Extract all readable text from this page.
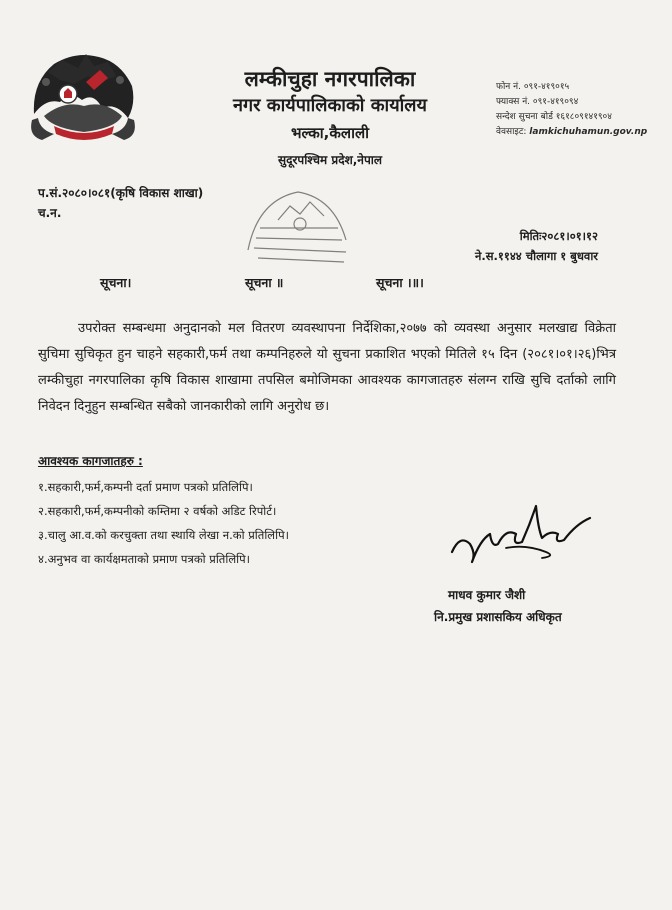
लम्कीचुहा नगरपालिका
नगर कार्यपालिकाको कार्यालय
भल्का,कैलाली
सुदूरपश्चिम प्रदेश,नेपाल
फोन नं. ०९१-४१९०१५
फ्याक्स नं. ०९१-४१९०९४
सन्देश सुचना बोर्ड १६१८०९१४१९०४
वेवसाइट: lamkichuhamun.gov.np
प.सं.२०८०।०८१(कृषि विकास शाखा)
च.न.
मितिः२०८१।०१।१२
ने.स.११४४ चौलागा १ बुधवार
सूचना।	सूचना ॥	सूचना ।॥।

उपरोक्त सम्बन्धमा अनुदानको मल वितरण व्यवस्थापना निर्देशिका,२०७७ को व्यवस्था अनुसार मलखाद्य विक्रेता सुचिमा सुचिकृत हुन चाहने सहकारी,फर्म तथा कम्पनिहरुले यो सुचना प्रकाशित भएको मितिले १५ दिन (२०८१।०१।२६)भित्र लम्कीचुहा नगरपालिका कृषि विकास शाखामा तपसिल बमोजिमका आवश्यक कागजातहरु संलग्न राखि सुचि दर्ताको लागि निवेदन दिनुहुन सम्बन्धित सबैको जानकारीको लागि अनुरोध छ।

आवश्यक कागजातहरु :
१.सहकारी,फर्म,कम्पनी दर्ता प्रमाण पत्रको प्रतिलिपि।
२.सहकारी,फर्म,कम्पनीको कम्तिमा २ वर्षको अडिट रिपोर्ट।
३.चालु आ.व.को करचुक्ता तथा स्थायि लेखा न.को प्रतिलिपि।
४.अनुभव वा कार्यक्षमताको प्रमाण पत्रको प्रतिलिपि।
माधव कुमार जैशी
नि.प्रमुख प्रशासकिय अधिकृत
